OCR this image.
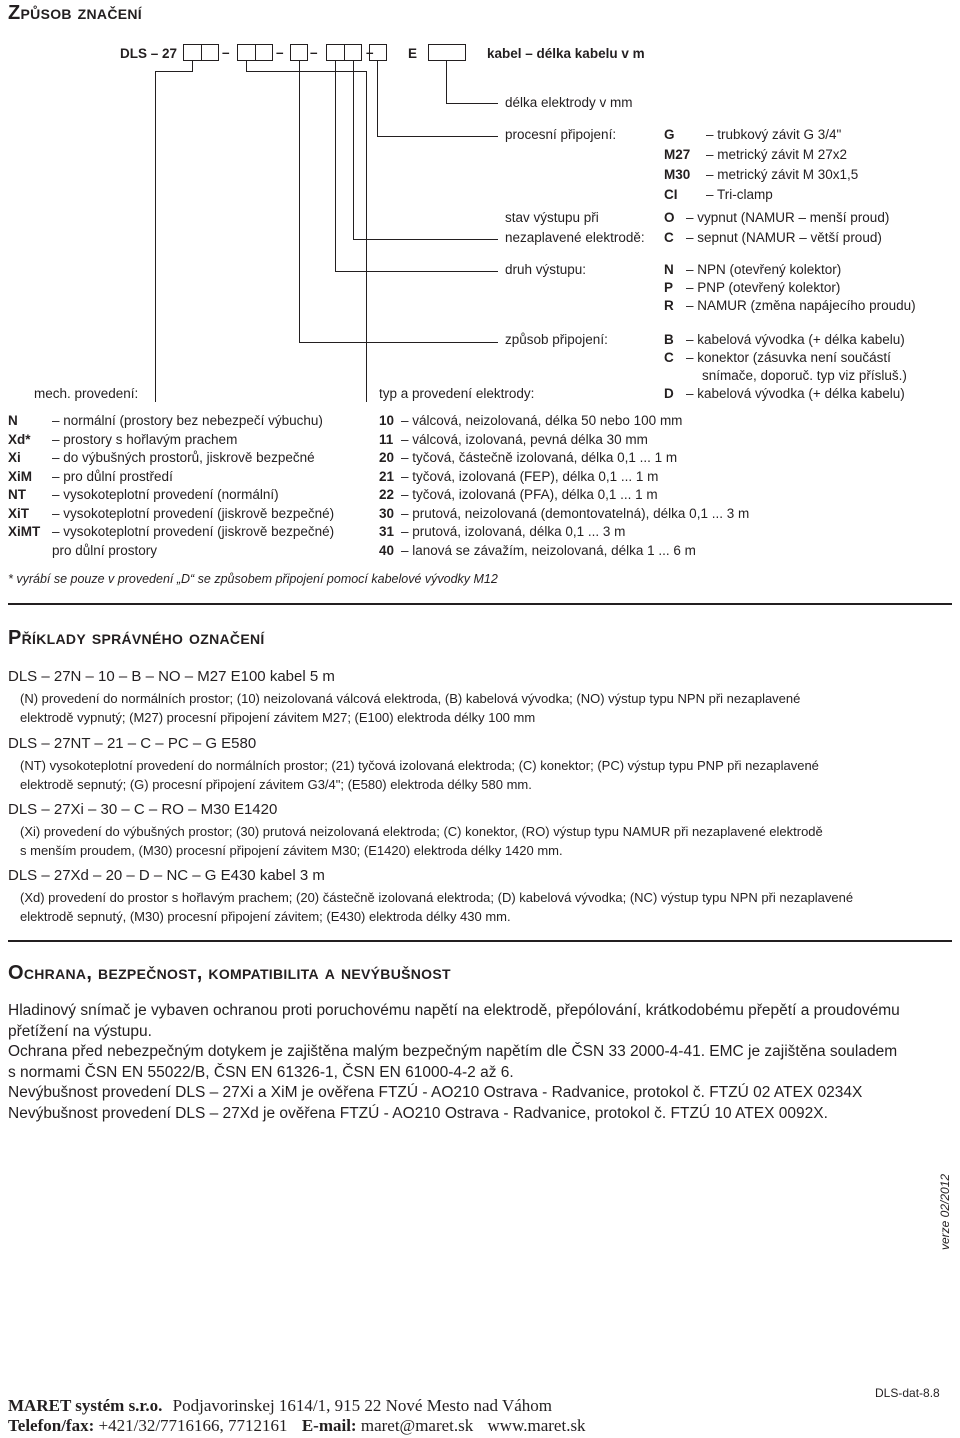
Způsob značení
DLS – 27	–	– –	–	E	kabel – délka kabelu v m
délka elektrody v mm
procesní připojení:	G – trubkový závit G 3/4"
M27 – metrický závit M 27x2
M30 – metrický závit M 30x1,5
CI – Tri-clamp
stav výstupu při
nezaplavené elektrodě:
O – vypnut (NAMUR – menší proud)
C – sepnut (NAMUR – větší proud)
druh výstupu:	N – NPN (otevřený kolektor)
P – PNP (otevřený kolektor)
R – NAMUR (změna napájecího proudu)
způsob připojení:	B – kabelová vývodka (+ délka kabelu)
C – konektor (zásuvka není součástí
snímače, doporuč. typ viz přísluš.)
D – kabelová vývodka (+ délka kabelu)
mech. provedení:	typ a provedení elektrody:
N	– normální (prostory bez nebezpečí výbuchu)
Xd* – prostory s hořlavým prachem
Xi – do výbušných prostorů, jiskrově bezpečné
XiM – pro důlní prostředí
NT – vysokoteplotní provedení (normální)
XiT – vysokoteplotní provedení (jiskrově bezpečné)
XiMT – vysokoteplotní provedení (jiskrově bezpečné)
pro důlní prostory
10 – válcová, neizolovaná, délka 50 nebo 100 mm
11 – válcová, izolovaná, pevná délka 30 mm
20 – tyčová, částečně izolovaná, délka 0,1 ... 1 m
21 – tyčová, izolovaná (FEP), délka 0,1 ... 1 m
22 – tyčová, izolovaná (PFA), délka 0,1 ... 1 m
30 – prutová, neizolovaná (demontovatelná), délka 0,1 ... 3 m
31 – prutová, izolovaná, délka 0,1 ... 3 m
40 – lanová se závažím, neizolovaná, délka 1 ... 6 m
* vyrábí se pouze v provedení „D“ se způsobem připojení pomocí kabelové vývodky M12
Příklady správného označení
DLS – 27N – 10 – B – NO – M27 E100 kabel 5 m
(N) provedení do normálních prostor; (10) neizolovaná válcová elektroda, (B) kabelová vývodka; (NO) výstup typu NPN při nezaplavené
elektrodě vypnutý; (M27) procesní připojení závitem M27; (E100) elektroda délky 100 mm
DLS – 27NT – 21 – C – PC – G E580
(NT) vysokoteplotní provedení do normálních prostor; (21) tyčová izolovaná elektroda; (C) konektor; (PC) výstup typu PNP při nezaplavené
elektrodě sepnutý; (G) procesní připojení závitem G3/4"; (E580) elektroda délky 580 mm.
DLS – 27Xi – 30 – C – RO – M30 E1420
(Xi) provedení do výbušných prostor; (30) prutová neizolovaná elektroda; (C) konektor, (RO) výstup typu NAMUR při nezaplavené elektrodě
s menším proudem, (M30) procesní připojení závitem M30; (E1420) elektroda délky 1420 mm.
DLS – 27Xd – 20 – D – NC – G E430 kabel 3 m
(Xd) provedení do prostor s hořlavým prachem; (20) částečně izolovaná elektroda; (D) kabelová vývodka; (NC) výstup typu NPN při nezaplavené
elektrodě sepnutý, (M30) procesní připojení závitem; (E430) elektroda délky 430 mm.
Ochrana, bezpečnost, kompatibilita a nevýbušnost
Hladinový snímač je vybaven ochranou proti poruchovému napětí na elektrodě, přepólování, krátkodobému přepětí a proudovému
přetížení na výstupu.
Ochrana před nebezpečným dotykem je zajištěna malým bezpečným napětím dle ČSN 33 2000-4-41. EMC je zajištěna souladem
s normami ČSN EN 55022/B, ČSN EN 61326-1, ČSN EN 61000-4-2 až 6.
Nevýbušnost provedení DLS – 27Xi a XiM je ověřena FTZÚ - AO210 Ostrava - Radvanice, protokol č. FTZÚ 02 ATEX 0234X
Nevýbušnost provedení DLS – 27Xd je ověřena FTZÚ - AO210 Ostrava - Radvanice, protokol č. FTZÚ 10 ATEX 0092X.
verze 02/2012
DLS-dat-8.8
MARET systém s.r.o. Podjavorinskej 1614/1, 915 22 Nové Mesto nad Váhom
Telefon/fax: +421/32/7716166, 7712161 E-mail: maret@maret.sk www.maret.sk
